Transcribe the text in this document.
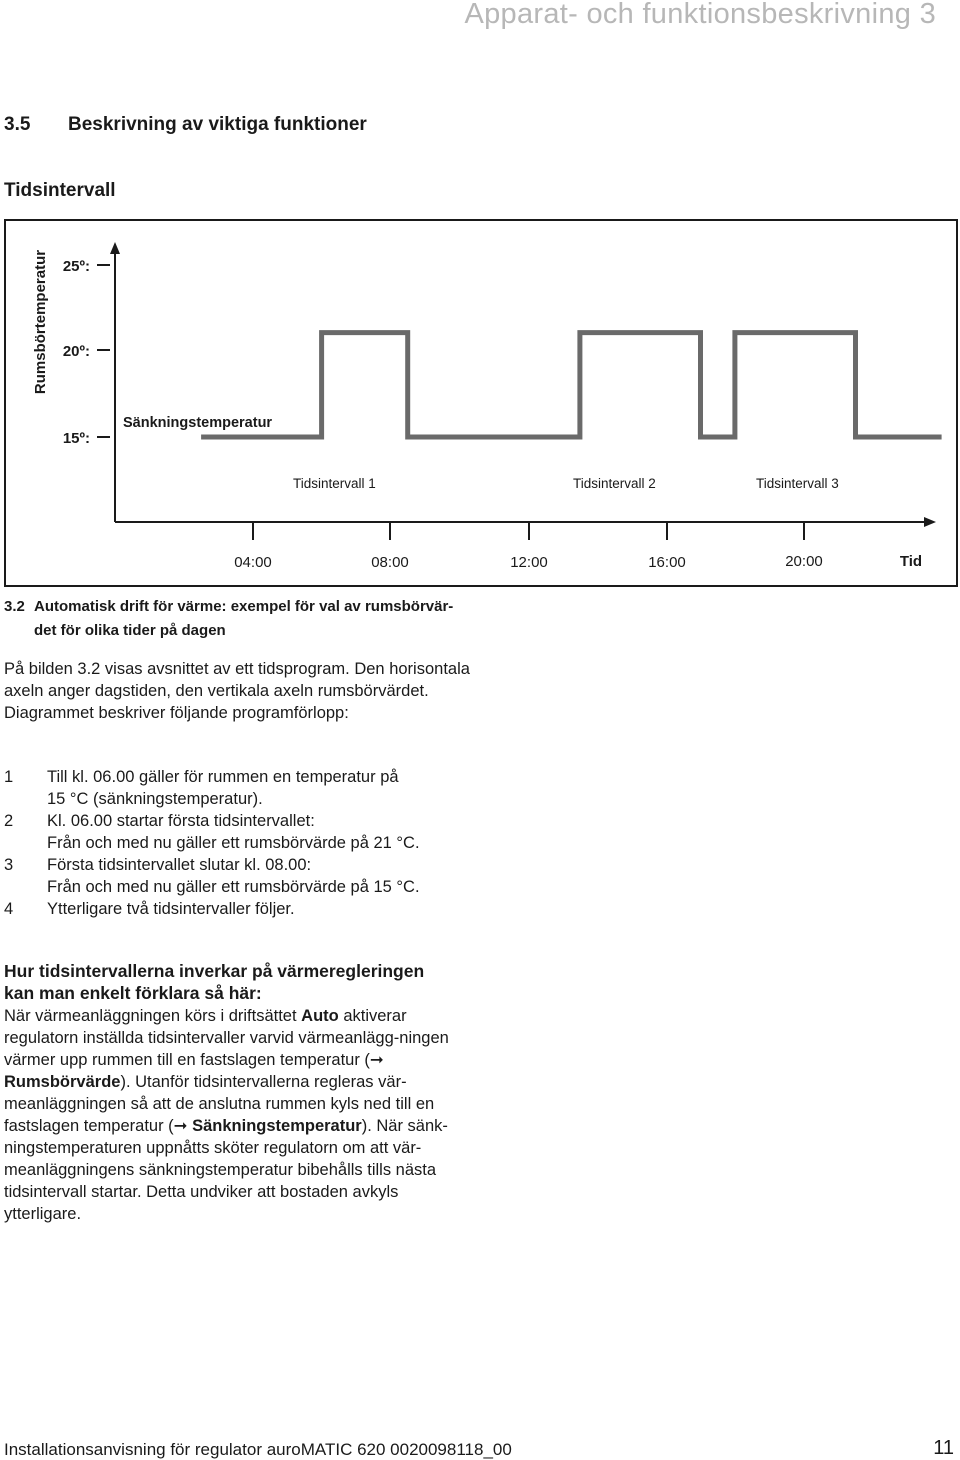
Apparat- och funktionsbeskrivning 3
3.5 Beskrivning av viktiga funktioner
Tidsintervall
Rumsbörtemperatur 25º:
20º:
15º:
Sänkningstemperatur
Tidsintervall 1	Tidsintervall 2	Tidsintervall 3
04:00	08:00	12:00	16:00	20:00	Tid
3.2 Automatisk drift för värme: exempel för val av rumsbörvär-
det för olika tider på dagen
På bilden 3.2 visas avsnittet av ett tidsprogram. Den horisontala axeln anger dagstiden, den vertikala axeln rumsbörvärdet. Diagrammet beskriver följande programförlopp:
1	Till kl. 06.00 gäller för rummen en temperatur på
15 °C (sänkningstemperatur).
2	Kl. 06.00 startar första tidsintervallet:
Från och med nu gäller ett rumsbörvärde på 21 °C.
3	Första tidsintervallet slutar kl. 08.00:
Från och med nu gäller ett rumsbörvärde på 15 °C.
4	Ytterligare två tidsintervaller följer.
Hur tidsintervallerna inverkar på värmeregleringen
kan man enkelt förklara så här:
När värmeanläggningen körs i driftsättet Auto aktiverar regulatorn inställda tidsintervaller varvid värmeanlägg-ningen värmer upp rummen till en fastslagen temperatur (➞ Rumsbörvärde). Utanför tidsintervallerna regleras vär-meanläggningen så att de anslutna rummen kyls ned till en fastslagen temperatur (➞ Sänkningstemperatur). När sänk-ningstemperaturen uppnåtts sköter regulatorn om att vär-meanläggningens sänkningstemperatur bibehålls tills nästa tidsintervall startar. Detta undviker att bostaden avkyls ytterligare.
Installationsanvisning för regulator auroMATIC 620 0020098118_00	11
